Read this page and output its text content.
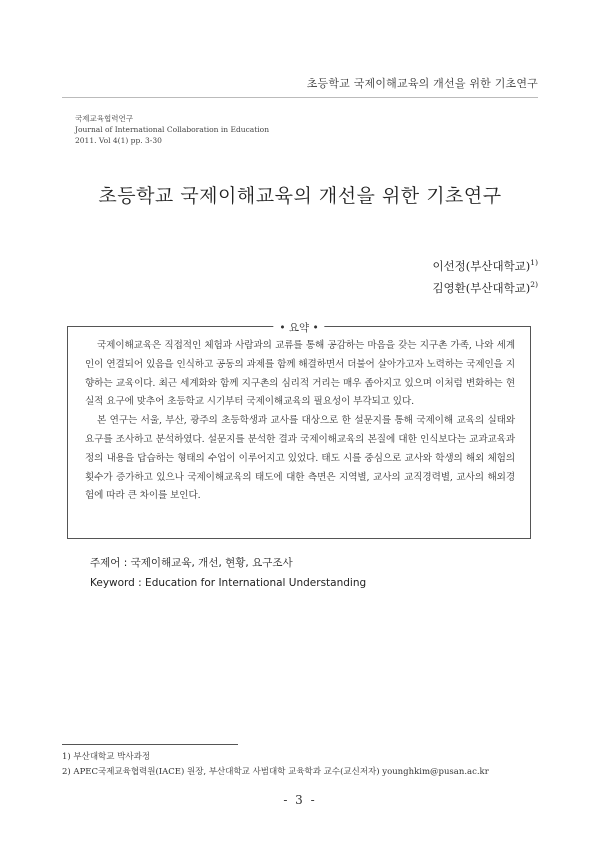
초등학교 국제이해교육의 개선을 위한 기초연구
국제교육협력연구
Journal of International Collaboration in Education
2011. Vol 4(1) pp. 3-30
초등학교 국제이해교육의 개선을 위한 기초연구
이선정(부산대학교)$^{1)}$
김영환(부산대학교)$^{2)}$
• 요약 •

국제이해교육은 직접적인 체험과 사람과의 교류를 통해 공감하는 마음을 갖는 지구촌 가족, 나와 세계인이 연결되어 있음을 인식하고 공동의 과제를 함께 해결하면서 더불어 살아가고자 노력하는 국제인을 지향하는 교육이다. 최근 세계화와 함께 지구촌의 심리적 거리는 매우 좁아지고 있으며 이처럼 변화하는 현실적 요구에 맞추어 초등학교 시기부터 국제이해교육의 필요성이 부각되고 있다.

본 연구는 서울, 부산, 광주의 초등학생과 교사를 대상으로 한 설문지를 통해 국제이해 교육의 실태와 요구를 조사하고 분석하였다. 설문지를 분석한 결과 국제이해교육의 본질에 대한 인식보다는 교과교육과정의 내용을 답습하는 형태의 수업이 이루어지고 있었다. 태도 시를 중심으로 교사와 학생의 해외 체험의 횟수가 증가하고 있으나 국제이해교육의 태도에 대한 측면은 지역별, 교사의 교직경력별, 교사의 해외경험에 따라 큰 차이를 보인다.

주제어 : 국제이해교육, 개선, 현황, 요구조사
Keyword : Education for International Understanding
1) 부산대학교 박사과정
2) APEC국제교육협력원(IACE) 원장, 부산대학교 사범대학 교육학과 교수(교신저자) younghkim@pusan.ac.kr
- 3 -
